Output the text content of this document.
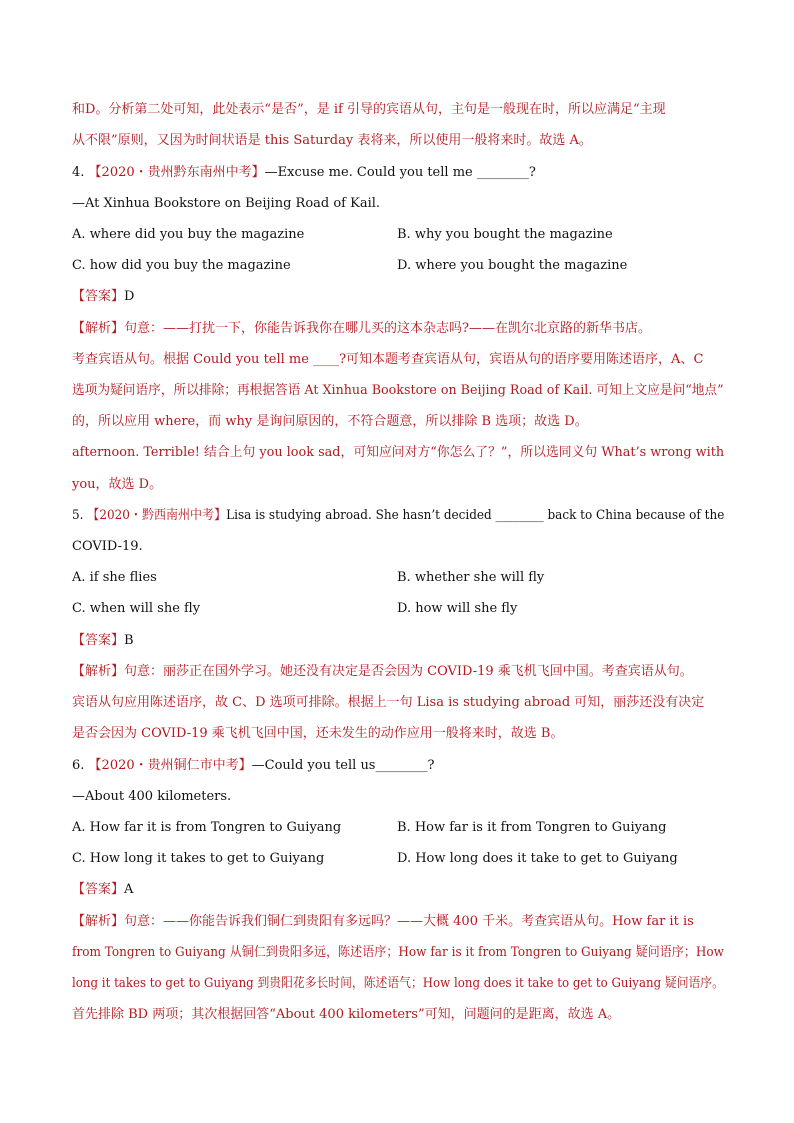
和D。分析第二处可知，此处表示“是否”，是 if 引导的宾语从句，主句是一般现在时，所以应满足“主现
从不限”原则，又因为时间状语是 this Saturday 表将来，所以使用一般将来时。故选 A。
4. 【2020・贵州黔东南州中考】—Excuse me. Could you tell me ________?
—At Xinhua Bookstore on Beijing Road of Kail.
A. where did you buy the magazine	B. why you bought the magazine
C. how did you buy the magazine	D. where you bought the magazine
【答案】D
【解析】句意：——打扰一下，你能告诉我你在哪儿买的这本杂志吗?——在凯尔北京路的新华书店。
考查宾语从句。根据 Could you tell me ____?可知本题考查宾语从句，宾语从句的语序要用陈述语序，A、C
选项为疑问语序，所以排除；再根据答语 At Xinhua Bookstore on Beijing Road of Kail. 可知上文应是问“地点”
的，所以应用 where，而 why 是询问原因的，不符合题意，所以排除 B 选项；故选 D。
afternoon. Terrible! 结合上句 you look sad，可知应问对方“你怎么了？”，所以选同义句 What’s wrong with
you，故选 D。
5. 【2020・黔西南州中考】Lisa is studying abroad. She hasn’t decided ________ back to China because of the
COVID-19.
A. if she flies	B. whether she will fly
C. when will she fly	D. how will she fly
【答案】B
【解析】句意：丽莎正在国外学习。她还没有决定是否会因为 COVID-19 乘飞机飞回中国。考查宾语从句。
宾语从句应用陈述语序，故 C、D 选项可排除。根据上一句 Lisa is studying abroad 可知，丽莎还没有决定
是否会因为 COVID-19 乘飞机飞回中国，还未发生的动作应用一般将来时，故选 B。
6. 【2020・贵州铜仁市中考】—Could you tell us________?
—About 400 kilometers.
A. How far it is from Tongren to Guiyang	B. How far is it from Tongren to Guiyang
C. How long it takes to get to Guiyang	D. How long does it take to get to Guiyang
【答案】A
【解析】句意：——你能告诉我们铜仁到贵阳有多远吗？——大概 400 千米。考查宾语从句。How far it is
from Tongren to Guiyang 从铜仁到贵阳多远，陈述语序；How far is it from Tongren to Guiyang 疑问语序；How
long it takes to get to Guiyang 到贵阳花多长时间，陈述语气；How long does it take to get to Guiyang 疑问语序。
首先排除 BD 两项；其次根据回答“About 400 kilometers”可知，问题问的是距离，故选 A。
